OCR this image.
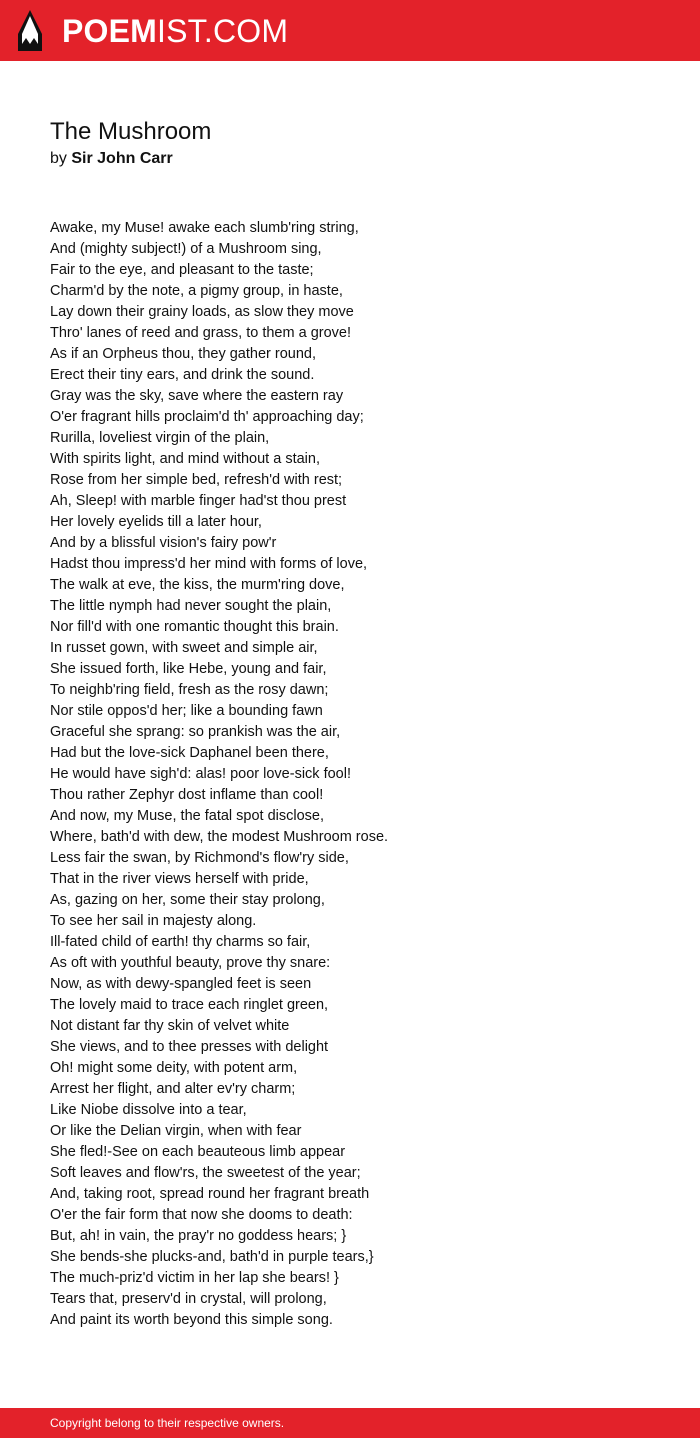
POEMIST.COM
The Mushroom
by Sir John Carr
Awake, my Muse! awake each slumb'ring string,
And (mighty subject!) of a Mushroom sing,
Fair to the eye, and pleasant to the taste;
Charm'd by the note, a pigmy group, in haste,
Lay down their grainy loads, as slow they move
Thro' lanes of reed and grass, to them a grove!
As if an Orpheus thou, they gather round,
Erect their tiny ears, and drink the sound.
Gray was the sky, save where the eastern ray
O'er fragrant hills proclaim'd th' approaching day;
Rurilla, loveliest virgin of the plain,
With spirits light, and mind without a stain,
Rose from her simple bed, refresh'd with rest;
Ah, Sleep! with marble finger had'st thou prest
Her lovely eyelids till a later hour,
And by a blissful vision's fairy pow'r
Hadst thou impress'd her mind with forms of love,
The walk at eve, the kiss, the murm'ring dove,
The little nymph had never sought the plain,
Nor fill'd with one romantic thought this brain.
In russet gown, with sweet and simple air,
She issued forth, like Hebe, young and fair,
To neighb'ring field, fresh as the rosy dawn;
Nor stile oppos'd her; like a bounding fawn
Graceful she sprang: so prankish was the air,
Had but the love-sick Daphanel been there,
He would have sigh'd: alas! poor love-sick fool!
Thou rather Zephyr dost inflame than cool!
And now, my Muse, the fatal spot disclose,
Where, bath'd with dew, the modest Mushroom rose.
Less fair the swan, by Richmond's flow'ry side,
That in the river views herself with pride,
As, gazing on her, some their stay prolong,
To see her sail in majesty along.
Ill-fated child of earth! thy charms so fair,
As oft with youthful beauty, prove thy snare:
Now, as with dewy-spangled feet is seen
The lovely maid to trace each ringlet green,
Not distant far thy skin of velvet white
She views, and to thee presses with delight
Oh! might some deity, with potent arm,
Arrest her flight, and alter ev'ry charm;
Like Niobe dissolve into a tear,
Or like the Delian virgin, when with fear
She fled!-See on each beauteous limb appear
Soft leaves and flow'rs, the sweetest of the year;
And, taking root, spread round her fragrant breath
O'er the fair form that now she dooms to death:
But, ah! in vain, the pray'r no goddess hears; }
She bends-she plucks-and, bath'd in purple tears,}
The much-priz'd victim in her lap she bears! }
Tears that, preserv'd in crystal, will prolong,
And paint its worth beyond this simple song.
Copyright belong to their respective owners.
